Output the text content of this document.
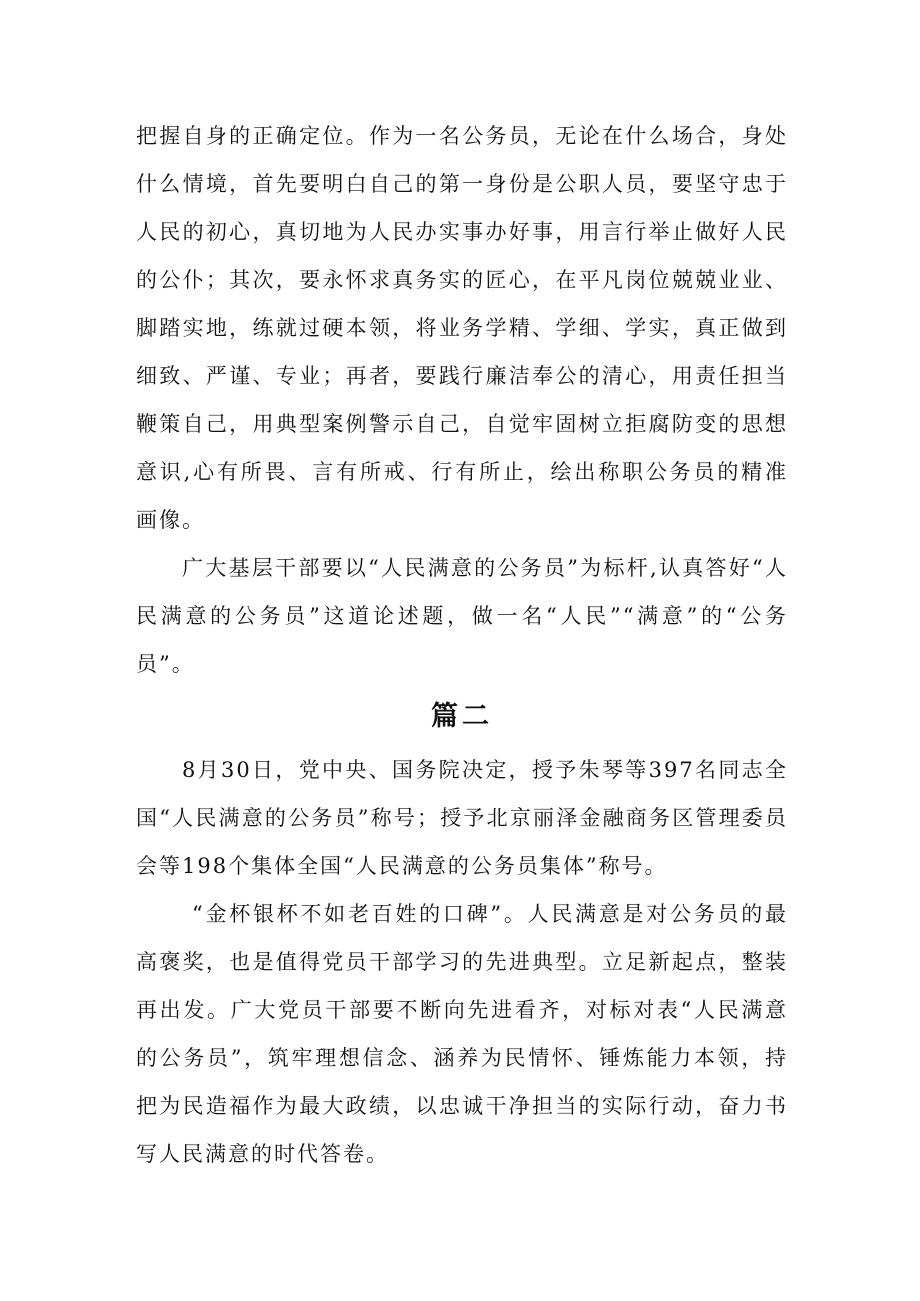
把握自身的正确定位。作为一名公务员，无论在什么场合，身处什么情境，首先要明白自己的第一身份是公职人员，要坚守忠于人民的初心，真切地为人民办实事办好事，用言行举止做好人民的公仆；其次，要永怀求真务实的匠心，在平凡岗位兢兢业业、脚踏实地，练就过硬本领，将业务学精、学细、学实，真正做到细致、严谨、专业；再者，要践行廉洁奉公的清心，用责任担当鞭策自己，用典型案例警示自己，自觉牢固树立拒腐防变的思想意识,心有所畏、言有所戒、行有所止，绘出称职公务员的精准画像。

广大基层干部要以“人民满意的公务员”为标杆,认真答好“人民满意的公务员”这道论述题，做一名“人民”“满意”的“公务员”。

篇二

8月30日，党中央、国务院决定，授予朱琴等397名同志全国“人民满意的公务员”称号；授予北京丽泽金融商务区管理委员会等198个集体全国“人民满意的公务员集体”称号。

“金杯银杯不如老百姓的口碑”。人民满意是对公务员的最高褒奖，也是值得党员干部学习的先进典型。立足新起点，整装再出发。广大党员干部要不断向先进看齐，对标对表“人民满意的公务员”，筑牢理想信念、涵养为民情怀、锤炼能力本领，持把为民造福作为最大政绩，以忠诚干净担当的实际行动，奋力书写人民满意的时代答卷。
